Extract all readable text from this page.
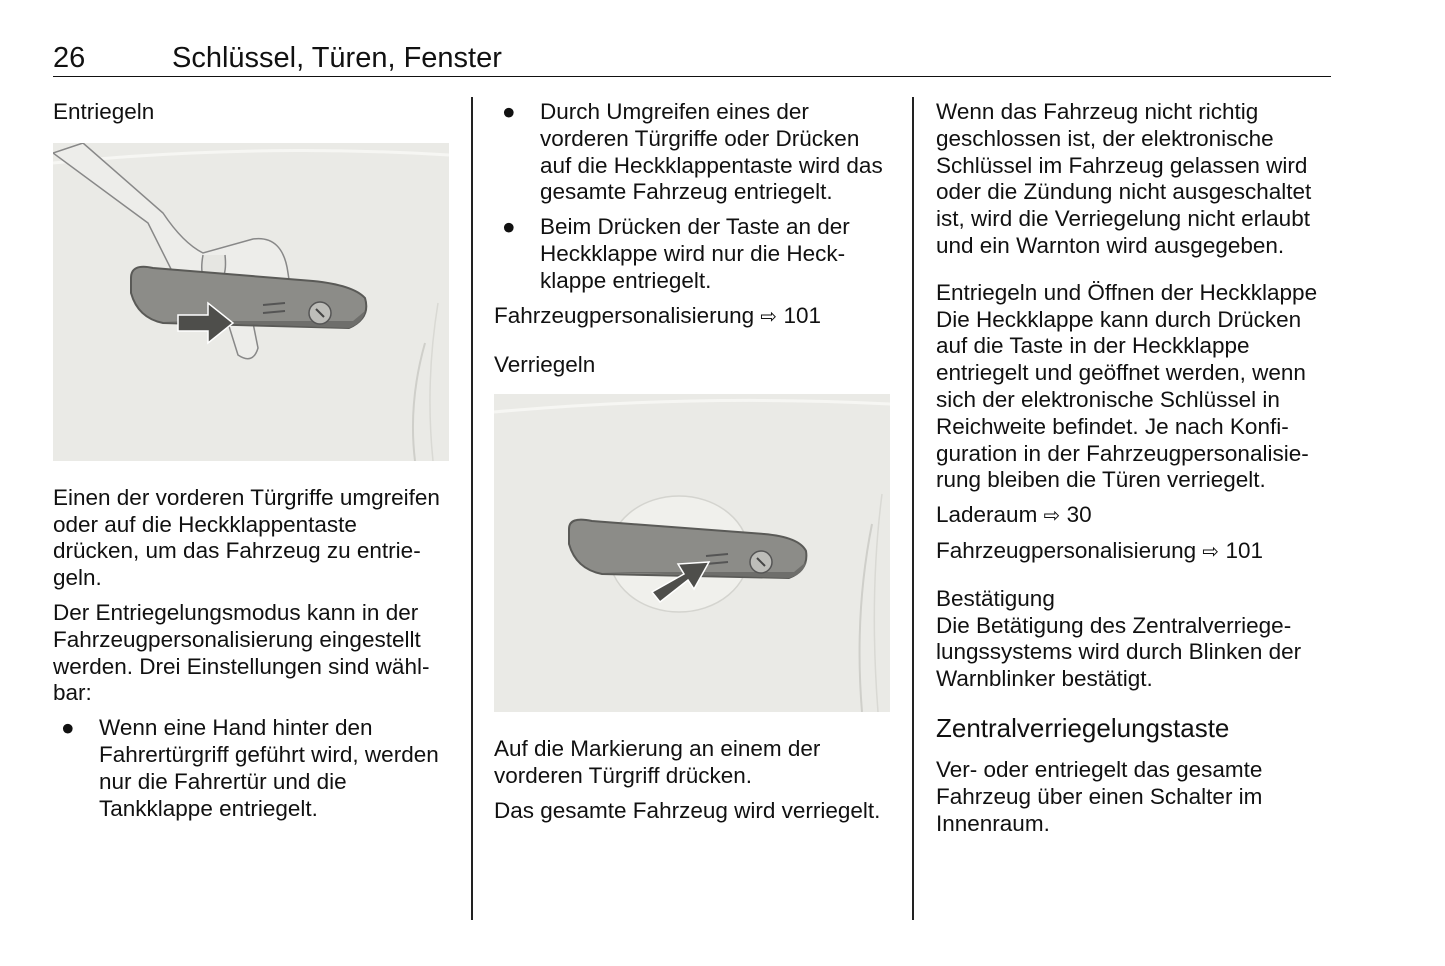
26	Schlüssel, Türen, Fenster
Entriegeln

Einen der vorderen Türgriffe umgreifen oder auf die Heckklappentaste drücken, um das Fahrzeug zu entriegeln.

Der Entriegelungsmodus kann in der Fahrzeugpersonalisierung eingestellt werden. Drei Einstellungen sind wählbar:

● Wenn eine Hand hinter den Fahrertürgriff geführt wird, werden nur die Fahrertür und die Tankklappe entriegelt.
● Durch Umgreifen eines der vorderen Türgriffe oder Drücken auf die Heckklappentaste wird das gesamte Fahrzeug entriegelt.
● Beim Drücken der Taste an der Heckklappe wird nur die Heckklappe entriegelt.

Fahrzeugpersonalisierung ⇨ 101

Verriegeln

Auf die Markierung an einem der vorderen Türgriff drücken.

Das gesamte Fahrzeug wird verriegelt.

Wenn das Fahrzeug nicht richtig geschlossen ist, der elektronische Schlüssel im Fahrzeug gelassen wird oder die Zündung nicht ausgeschaltet ist, wird die Verriegelung nicht erlaubt und ein Warnton wird ausgegeben.

Entriegeln und Öffnen der Heckklappe

Die Heckklappe kann durch Drücken auf die Taste in der Heckklappe entriegelt und geöffnet werden, wenn sich der elektronische Schlüssel in Reichweite befindet. Je nach Konfiguration in der Fahrzeugpersonalisierung bleiben die Türen verriegelt.

Laderaum ⇨ 30

Fahrzeugpersonalisierung ⇨ 101

Bestätigung

Die Betätigung des Zentralverriegelungssystems wird durch Blinken der Warnblinker bestätigt.

Zentralverriegelungstaste

Ver- oder entriegelt das gesamte Fahrzeug über einen Schalter im Innenraum.
